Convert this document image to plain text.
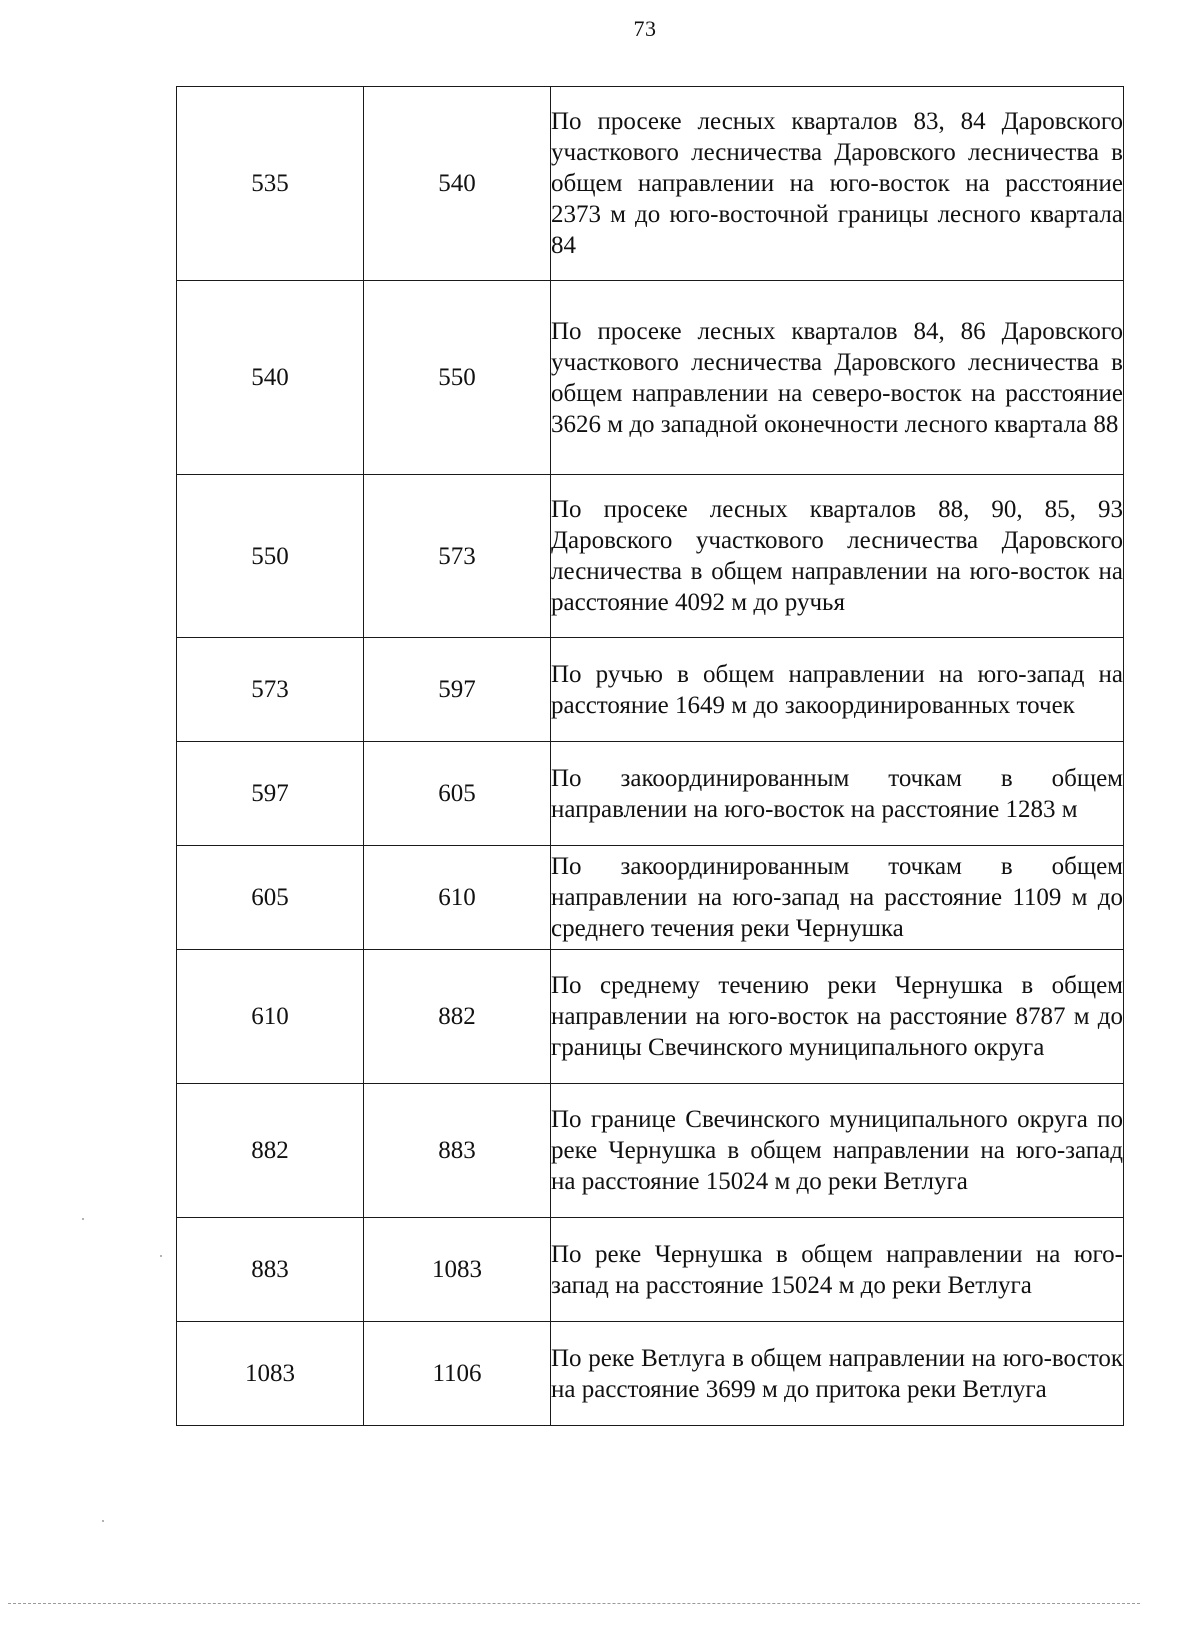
73
535	540	По просеке лесных кварталов 83, 84 Даровского участкового лесничества Даровского лесничества в общем направлении на юго-восток на расстояние 2373 м до юго-восточной границы лесного квартала 84
540	550	По просеке лесных кварталов 84, 86 Даровского участкового лесничества Даровского лесничества в общем направлении на северо-восток на расстояние 3626 м до западной оконечности лесного квартала 88
550	573	По просеке лесных кварталов 88, 90, 85, 93 Даровского участкового лесничества Даровского лесничества в общем направлении на юго-восток на расстояние 4092 м до ручья
573	597	По ручью в общем направлении на юго-запад на расстояние 1649 м до закоординированных точек
597	605	По закоординированным точкам в общем направлении на юго-восток на расстояние 1283 м
605	610	По закоординированным точкам в общем направлении на юго-запад на расстояние 1109 м до среднего течения реки Чернушка
610	882	По среднему течению реки Чернушка в общем направлении на юго-восток на расстояние 8787 м до границы Свечинского муниципального округа
882	883	По границе Свечинского муниципального округа по реке Чернушка в общем направлении на юго-запад на расстояние 15024 м до реки Ветлуга
883	1083	По реке Чернушка в общем направлении на юго-запад на расстояние 15024 м до реки Ветлуга
1083	1106	По реке Ветлуга в общем направлении на юго-восток на расстояние 3699 м до притока реки Ветлуга
